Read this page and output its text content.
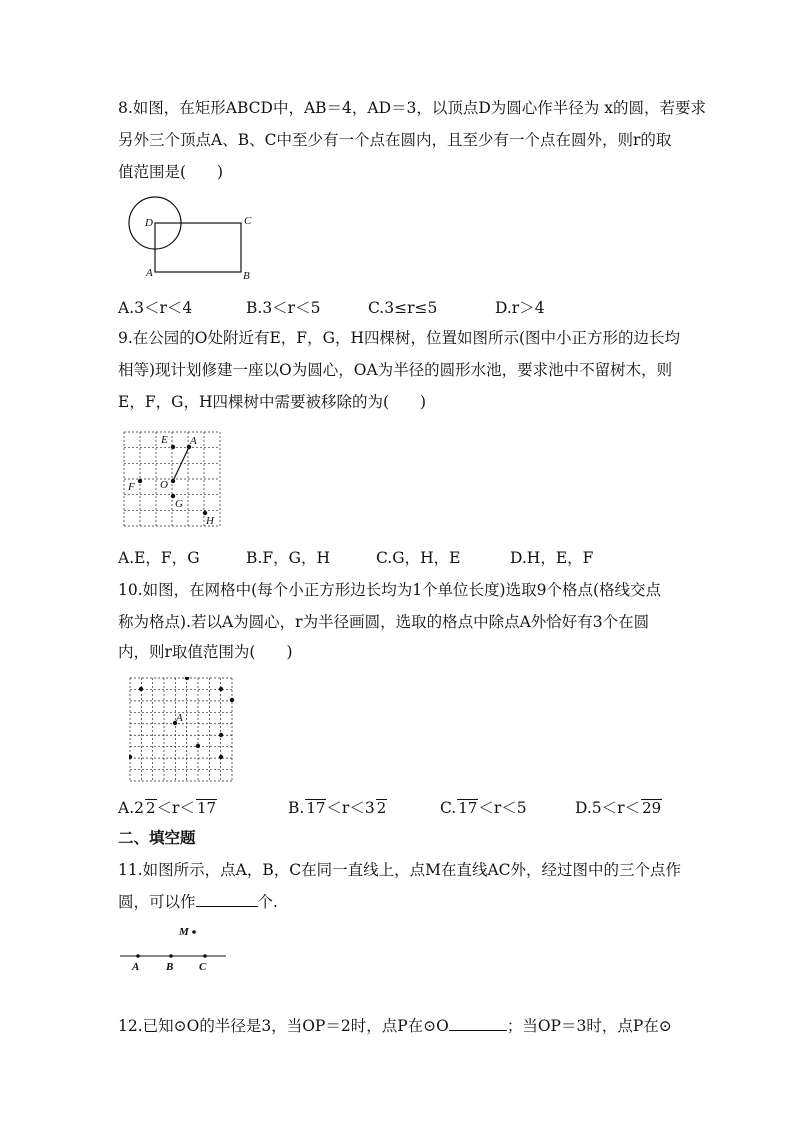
8.如图，在矩形ABCD中，AB＝4，AD＝3，以顶点D为圆心作半径为 x的圆，若要求
另外三个顶点A、B、C中至少有一个点在圆内，且至少有一个点在圆外，则r的取
值范围是(　　)
D	C
A	B
A.3＜r＜4	B.3＜r＜5	C.3≤r≤5	D.r＞4
9.在公园的O处附近有E，F，G，H四棵树，位置如图所示(图中小正方形的边长均
相等)现计划修建一座以O为圆心，OA为半径的圆形水池，要求池中不留树木，则
E，F，G，H四棵树中需要被移除的为(　　)
E A
F O
G
H
A.E，F，G	B.F，G，H	C.G，H，E	D.H，E，F
10.如图，在网格中(每个小正方形边长均为1个单位长度)选取9个格点(格线交点
称为格点).若以A为圆心，r为半径画圆，选取的格点中除点A外恰好有3个在圆
内，则r取值范围为(　　)
A
A.2 2＜r＜ 17	B. 17＜r＜3 2	C. 17＜r＜5	D.5＜r＜ 29
二、填空题
11.如图所示，点A，B，C在同一直线上，点M在直线AC外，经过图中的三个点作
圆，可以作	个.
M
A B C
12.已知⊙O的半径是3，当OP＝2时，点P在⊙O	；当OP＝3时，点P在⊙
